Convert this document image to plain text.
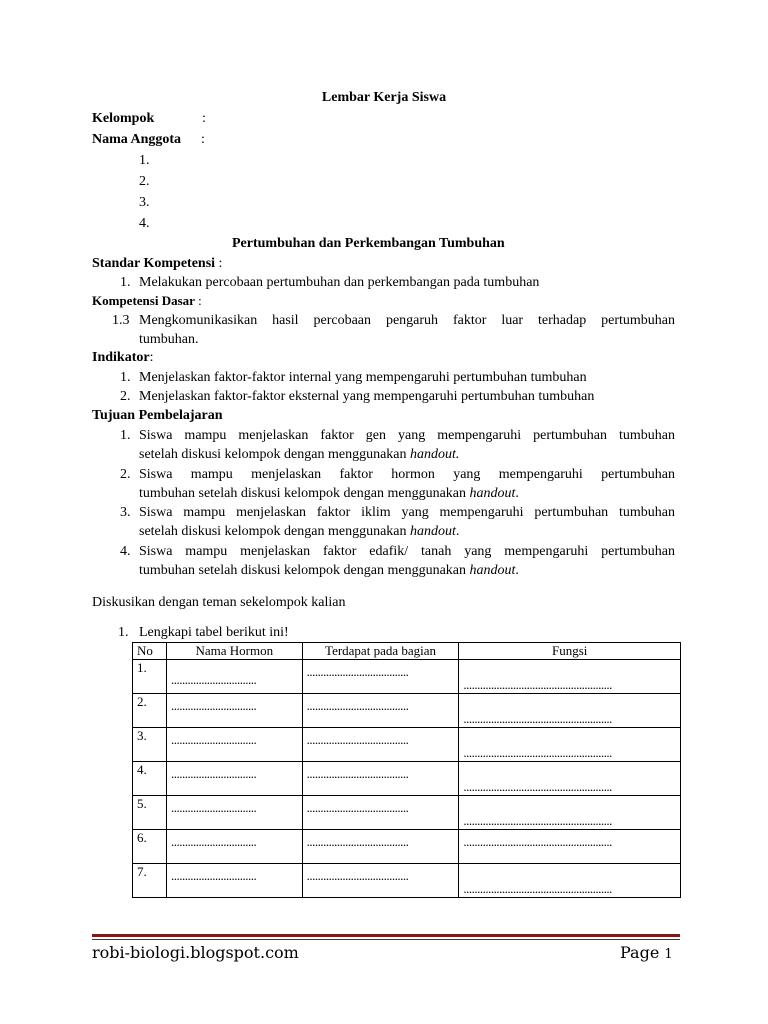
Lembar Kerja Siswa
Kelompok	:
Nama Anggota :
1.
2.
3.
4.
Pertumbuhan dan Perkembangan Tumbuhan
Standar Kompetensi :
1. Melakukan percobaan pertumbuhan dan perkembangan pada tumbuhan
Kompetensi Dasar :
1.3 Mengkomunikasikan hasil percobaan pengaruh faktor luar terhadap pertumbuhan
tumbuhan.
Indikator:
1. Menjelaskan faktor-faktor internal yang mempengaruhi pertumbuhan tumbuhan
2. Menjelaskan faktor-faktor eksternal yang mempengaruhi pertumbuhan tumbuhan
Tujuan Pembelajaran
1. Siswa mampu menjelaskan faktor gen yang mempengaruhi pertumbuhan tumbuhan
setelah diskusi kelompok dengan menggunakan handout.
2. Siswa mampu menjelaskan faktor hormon yang mempengaruhi pertumbuhan
tumbuhan setelah diskusi kelompok dengan menggunakan handout.
3. Siswa mampu menjelaskan faktor iklim yang mempengaruhi pertumbuhan tumbuhan
setelah diskusi kelompok dengan menggunakan handout.
4. Siswa mampu menjelaskan faktor edafik/ tanah yang mempengaruhi pertumbuhan
tumbuhan setelah diskusi kelompok dengan menggunakan handout.
Diskusikan dengan teman sekelompok kalian
1. Lengkapi tabel berikut ini!
No	Nama Hormon	Terdapat pada bagian	Fungsi
1.	...............................	.....................................	......................................................

2.	...............................	.....................................	......................................................

3.	...............................	.....................................	......................................................

4.	...............................	.....................................	......................................................

5.	...............................	.....................................	......................................................

6.	...............................	.....................................	......................................................

7.	...............................	.....................................	......................................................
robi-biologi.blogspot.com	Page 1
